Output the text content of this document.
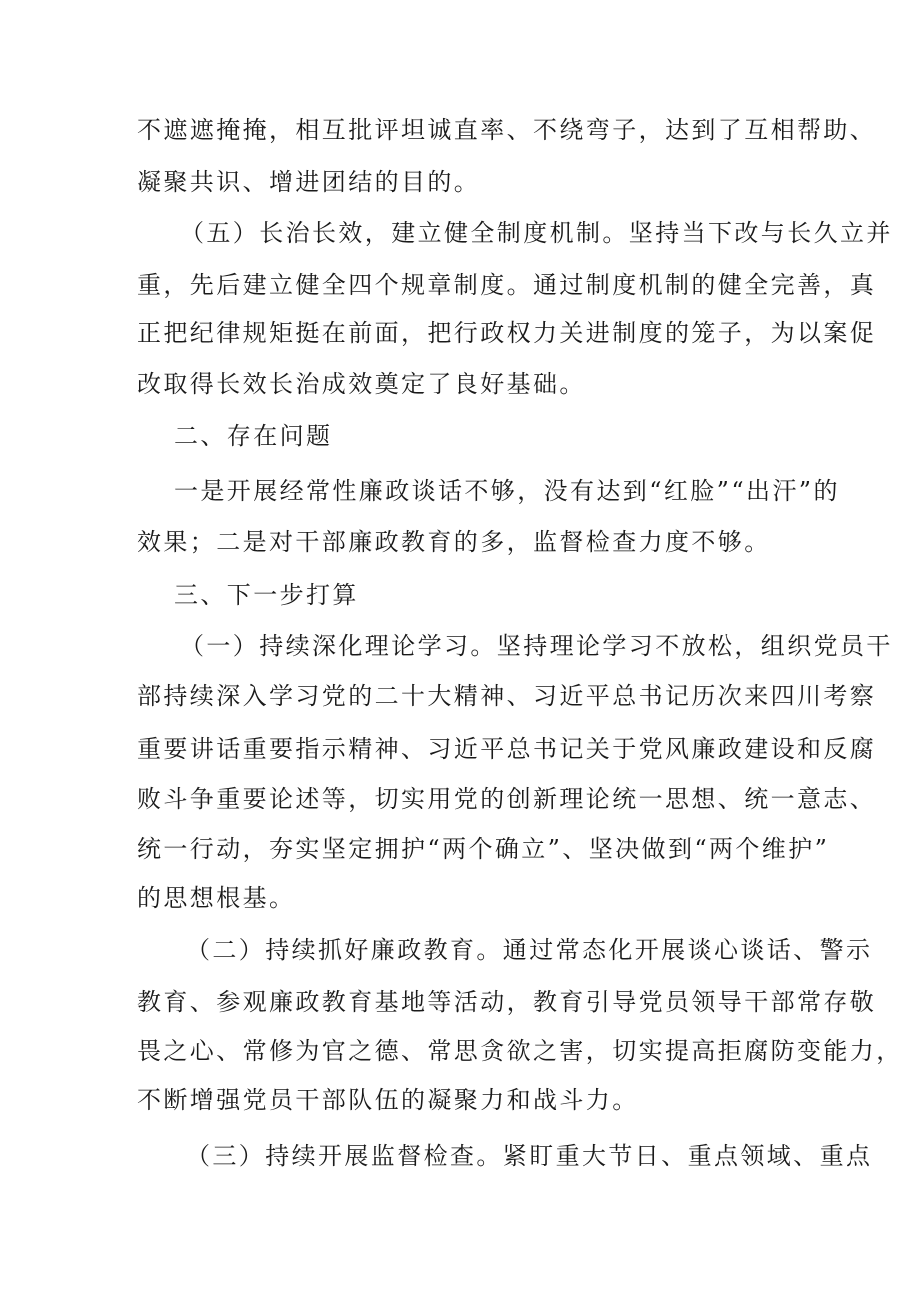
不遮遮掩掩，相互批评坦诚直率、不绕弯子，达到了互相帮助、
凝聚共识、增进团结的目的。
（五）长治长效，建立健全制度机制。坚持当下改与长久立并
重，先后建立健全四个规章制度。通过制度机制的健全完善，真
正把纪律规矩挺在前面，把行政权力关进制度的笼子，为以案促
改取得长效长治成效奠定了良好基础。
二、存在问题
一是开展经常性廉政谈话不够，没有达到“红脸”“出汗”的
效果；二是对干部廉政教育的多，监督检查力度不够。
三、下一步打算
（一）持续深化理论学习。坚持理论学习不放松，组织党员干
部持续深入学习党的二十大精神、习近平总书记历次来四川考察
重要讲话重要指示精神、习近平总书记关于党风廉政建设和反腐
败斗争重要论述等，切实用党的创新理论统一思想、统一意志、
统一行动，夯实坚定拥护“两个确立”、坚决做到“两个维护”
的思想根基。
（二）持续抓好廉政教育。通过常态化开展谈心谈话、警示
教育、参观廉政教育基地等活动，教育引导党员领导干部常存敬
畏之心、常修为官之德、常思贪欲之害，切实提高拒腐防变能力，
不断增强党员干部队伍的凝聚力和战斗力。
（三）持续开展监督检查。紧盯重大节日、重点领域、重点
